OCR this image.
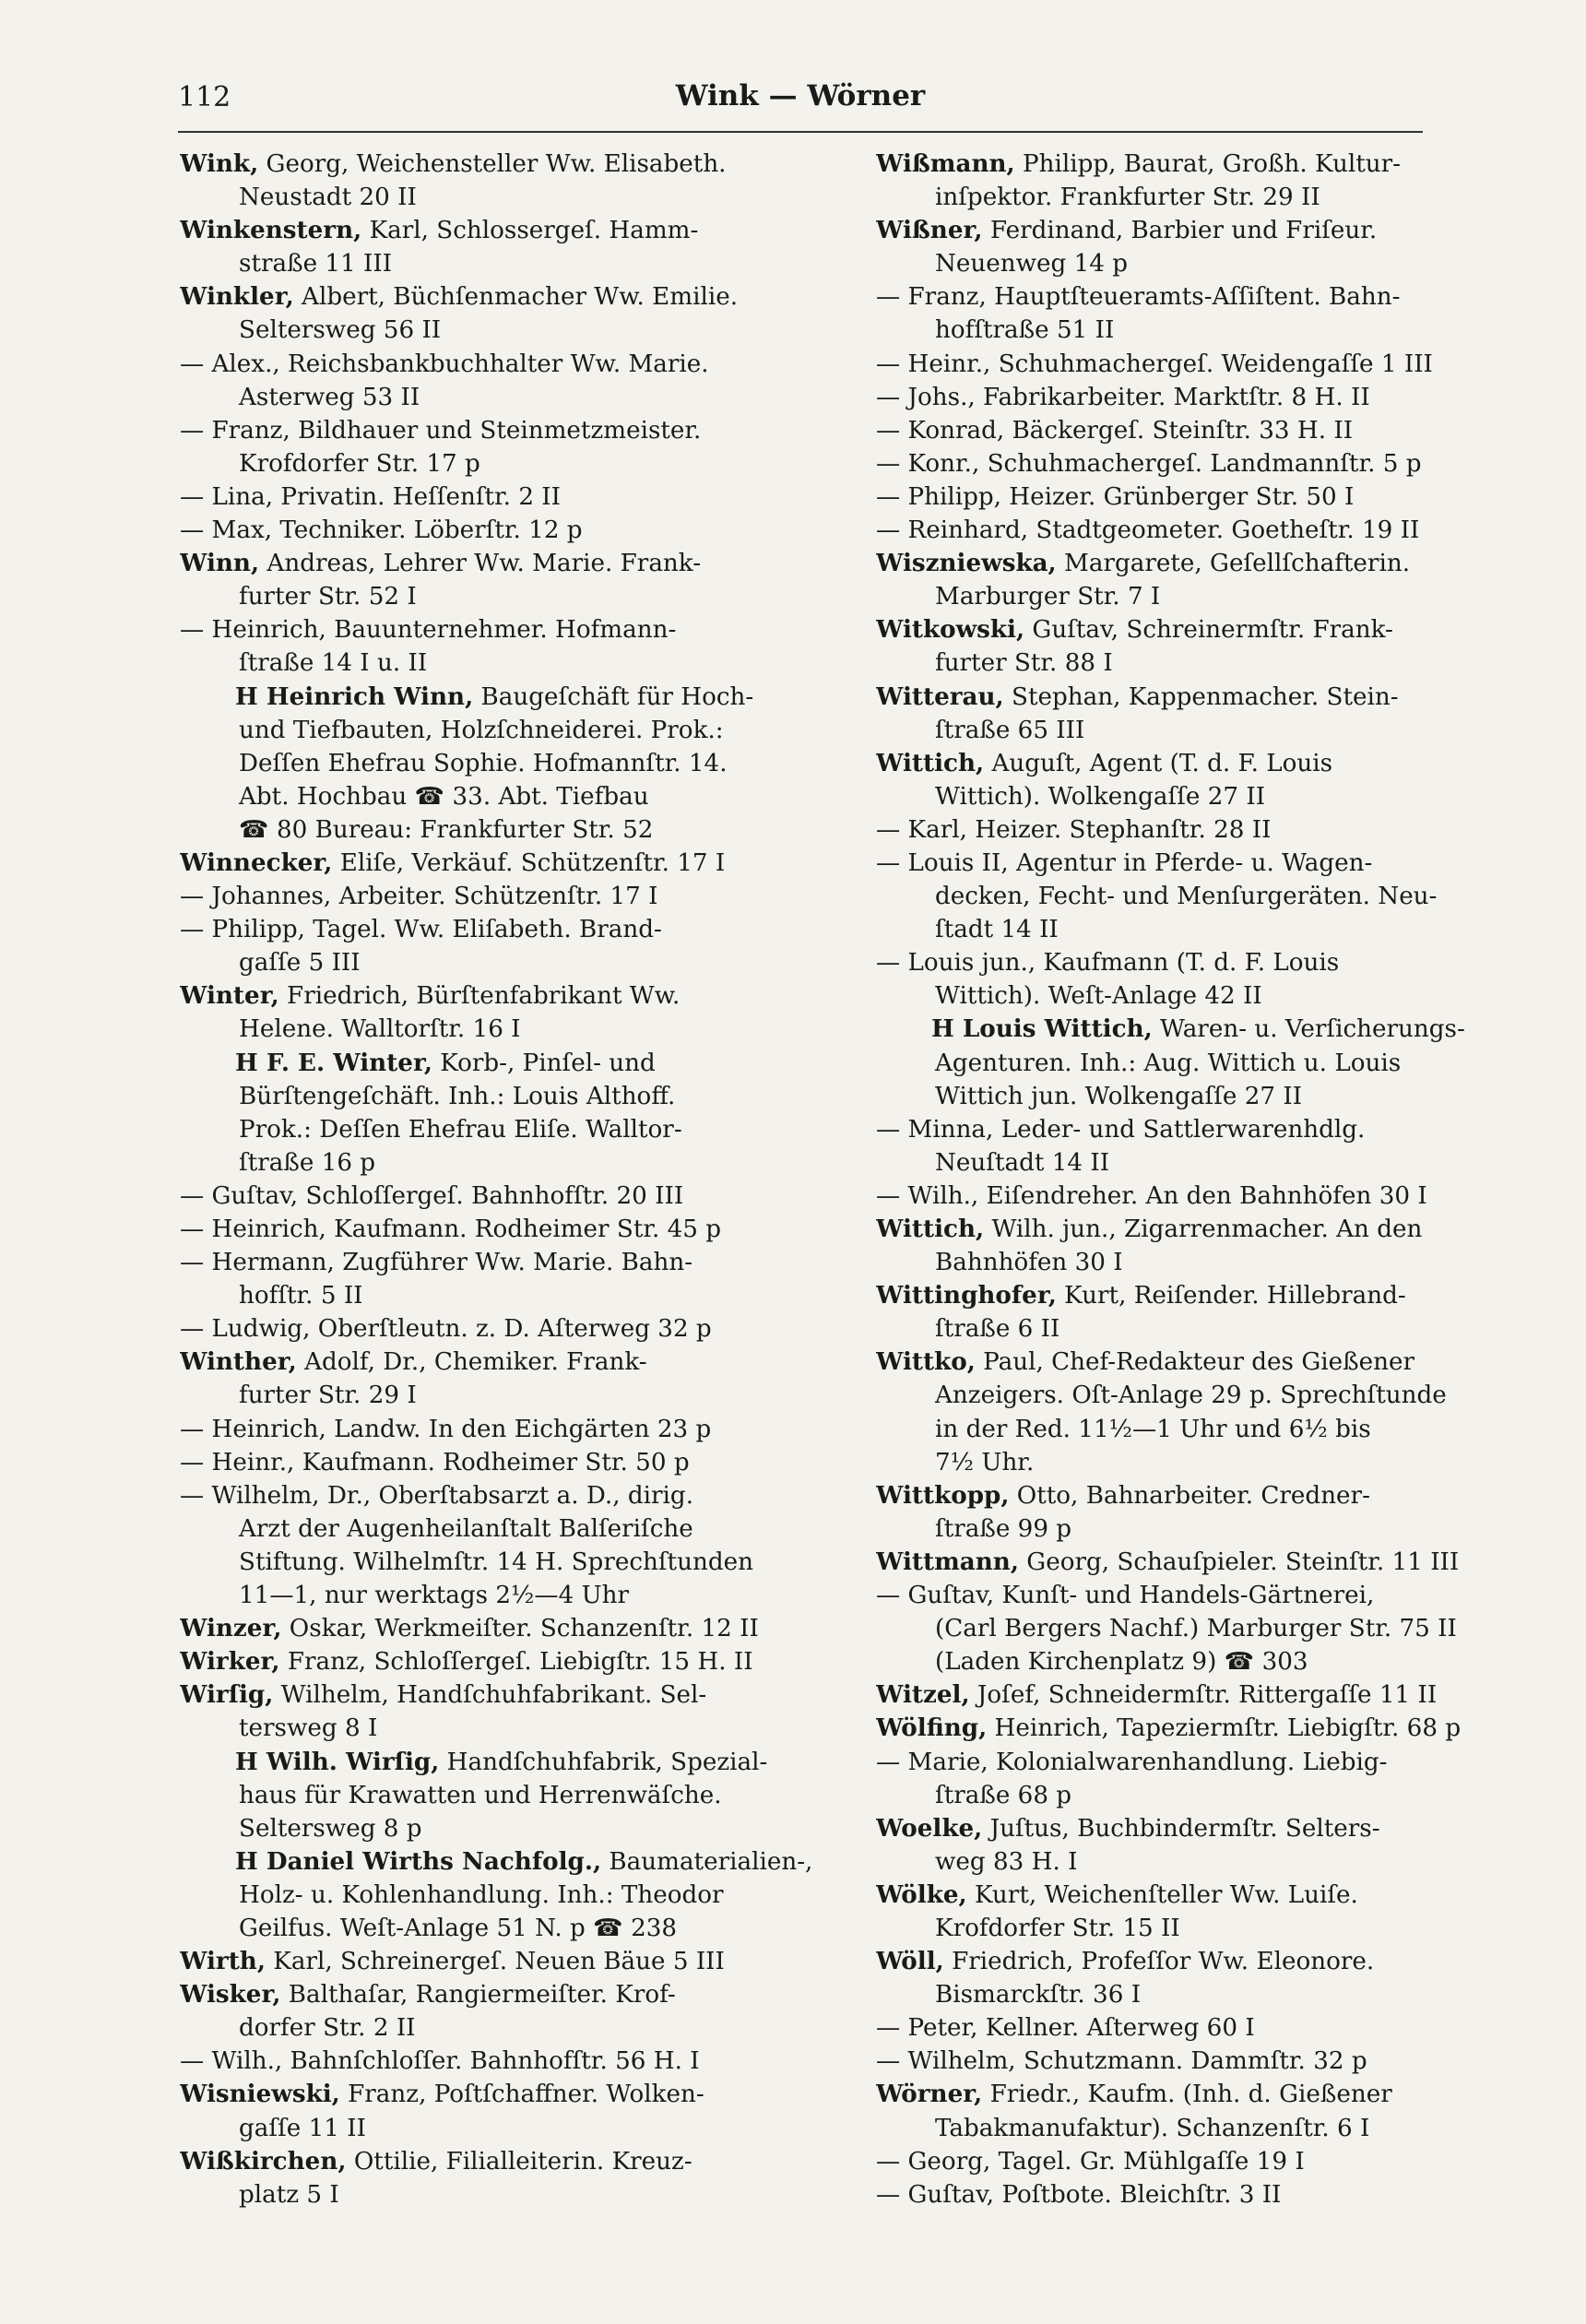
112	Wink — Wörner
Wink, Georg, Weichensteller Ww. Elisabeth.
Neustadt 20 II
Winkenstern, Karl, Schlossergeſ. Hamm-
straße 11 III
Winkler, Albert, Büchſenmacher Ww. Emilie.
Seltersweg 56 II
— Alex., Reichsbankbuchhalter Ww. Marie.
Asterweg 53 II
— Franz, Bildhauer und Steinmetzmeister.
Krofdorfer Str. 17 p
— Lina, Privatin. Heſſenſtr. 2 II
— Max, Techniker. Löberſtr. 12 p
Winn, Andreas, Lehrer Ww. Marie. Frank-
furter Str. 52 I
— Heinrich, Bauunternehmer. Hofmann-
ſtraße 14 I u. II
H Heinrich Winn, Baugeſchäft für Hoch-
und Tiefbauten, Holzſchneiderei. Prok.:
Deſſen Ehefrau Sophie. Hofmannſtr. 14.
Abt. Hochbau ☎ 33. Abt. Tiefbau
☎ 80 Bureau: Frankfurter Str. 52
Winnecker, Eliſe, Verkäuf. Schützenſtr. 17 I
— Johannes, Arbeiter. Schützenſtr. 17 I
— Philipp, Tagel. Ww. Eliſabeth. Brand-
gaſſe 5 III
Winter, Friedrich, Bürſtenfabrikant Ww.
Helene. Walltorſtr. 16 I
H F. E. Winter, Korb-, Pinſel- und
Bürſtengeſchäft. Inh.: Louis Althoff.
Prok.: Deſſen Ehefrau Eliſe. Walltor-
ſtraße 16 p
— Guſtav, Schloſſergeſ. Bahnhofſtr. 20 III
— Heinrich, Kaufmann. Rodheimer Str. 45 p
— Hermann, Zugführer Ww. Marie. Bahn-
hofſtr. 5 II
— Ludwig, Oberſtleutn. z. D. Aſterweg 32 p
Winther, Adolf, Dr., Chemiker. Frank-
furter Str. 29 I
— Heinrich, Landw. In den Eichgärten 23 p
— Heinr., Kaufmann. Rodheimer Str. 50 p
— Wilhelm, Dr., Oberſtabsarzt a. D., dirig.
Arzt der Augenheilanſtalt Balſeriſche
Stiftung. Wilhelmſtr. 14 H. Sprechſtunden
11—1, nur werktags 2½—4 Uhr
Winzer, Oskar, Werkmeiſter. Schanzenſtr. 12 II
Wirker, Franz, Schloſſergeſ. Liebigſtr. 15 H. II
Wirſig, Wilhelm, Handſchuhfabrikant. Sel-
tersweg 8 I
H Wilh. Wirſig, Handſchuhfabrik, Spezial-
haus für Krawatten und Herrenwäſche.
Seltersweg 8 p
H Daniel Wirths Nachfolg., Baumaterialien-,
Holz- u. Kohlenhandlung. Inh.: Theodor
Geilfus. Weſt-Anlage 51 N. p ☎ 238
Wirth, Karl, Schreinergeſ. Neuen Bäue 5 III
Wisker, Balthaſar, Rangiermeiſter. Krof-
dorfer Str. 2 II
— Wilh., Bahnſchloſſer. Bahnhofſtr. 56 H. I
Wisniewski, Franz, Poſtſchaffner. Wolken-
gaſſe 11 II
Wißkirchen, Ottilie, Filialleiterin. Kreuz-
platz 5 I
Wißmann, Philipp, Baurat, Großh. Kultur-
inſpektor. Frankfurter Str. 29 II
Wißner, Ferdinand, Barbier und Friſeur.
Neuenweg 14 p
— Franz, Hauptſteueramts-Aſſiſtent. Bahn-
hofſtraße 51 II
— Heinr., Schuhmachergeſ. Weidengaſſe 1 III
— Johs., Fabrikarbeiter. Marktſtr. 8 H. II
— Konrad, Bäckergeſ. Steinſtr. 33 H. II
— Konr., Schuhmachergeſ. Landmannſtr. 5 p
— Philipp, Heizer. Grünberger Str. 50 I
— Reinhard, Stadtgeometer. Goetheſtr. 19 II
Wiszniewska, Margarete, Geſellſchafterin.
Marburger Str. 7 I
Witkowski, Guſtav, Schreinermſtr. Frank-
furter Str. 88 I
Witterau, Stephan, Kappenmacher. Stein-
ſtraße 65 III
Wittich, Auguſt, Agent (T. d. F. Louis
Wittich). Wolkengaſſe 27 II
— Karl, Heizer. Stephanſtr. 28 II
— Louis II, Agentur in Pferde- u. Wagen-
decken, Fecht- und Menſurgeräten. Neu-
ſtadt 14 II
— Louis jun., Kaufmann (T. d. F. Louis
Wittich). Weſt-Anlage 42 II
H Louis Wittich, Waren- u. Verſicherungs-
Agenturen. Inh.: Aug. Wittich u. Louis
Wittich jun. Wolkengaſſe 27 II
— Minna, Leder- und Sattlerwarenhdlg.
Neuſtadt 14 II
— Wilh., Eiſendreher. An den Bahnhöfen 30 I
Wittich, Wilh. jun., Zigarrenmacher. An den
Bahnhöfen 30 I
Wittinghofer, Kurt, Reiſender. Hillebrand-
ſtraße 6 II
Wittko, Paul, Chef-Redakteur des Gießener
Anzeigers. Oſt-Anlage 29 p. Sprechſtunde
in der Red. 11½—1 Uhr und 6½ bis
7½ Uhr.
Wittkopp, Otto, Bahnarbeiter. Credner-
ſtraße 99 p
Wittmann, Georg, Schauſpieler. Steinſtr. 11 III
— Guſtav, Kunſt- und Handels-Gärtnerei,
(Carl Bergers Nachf.) Marburger Str. 75 II
(Laden Kirchenplatz 9) ☎ 303
Witzel, Joſef, Schneidermſtr. Rittergaſſe 11 II
Wölfing, Heinrich, Tapeziermſtr. Liebigſtr. 68 p
— Marie, Kolonialwarenhandlung. Liebig-
ſtraße 68 p
Woelke, Juſtus, Buchbindermſtr. Selters-
weg 83 H. I
Wölke, Kurt, Weichenſteller Ww. Luiſe.
Krofdorfer Str. 15 II
Wöll, Friedrich, Profeſſor Ww. Eleonore.
Bismarckſtr. 36 I
— Peter, Kellner. Aſterweg 60 I
— Wilhelm, Schutzmann. Dammſtr. 32 p
Wörner, Friedr., Kaufm. (Inh. d. Gießener
Tabakmanufaktur). Schanzenſtr. 6 I
— Georg, Tagel. Gr. Mühlgaſſe 19 I
— Guſtav, Poſtbote. Bleichſtr. 3 II
